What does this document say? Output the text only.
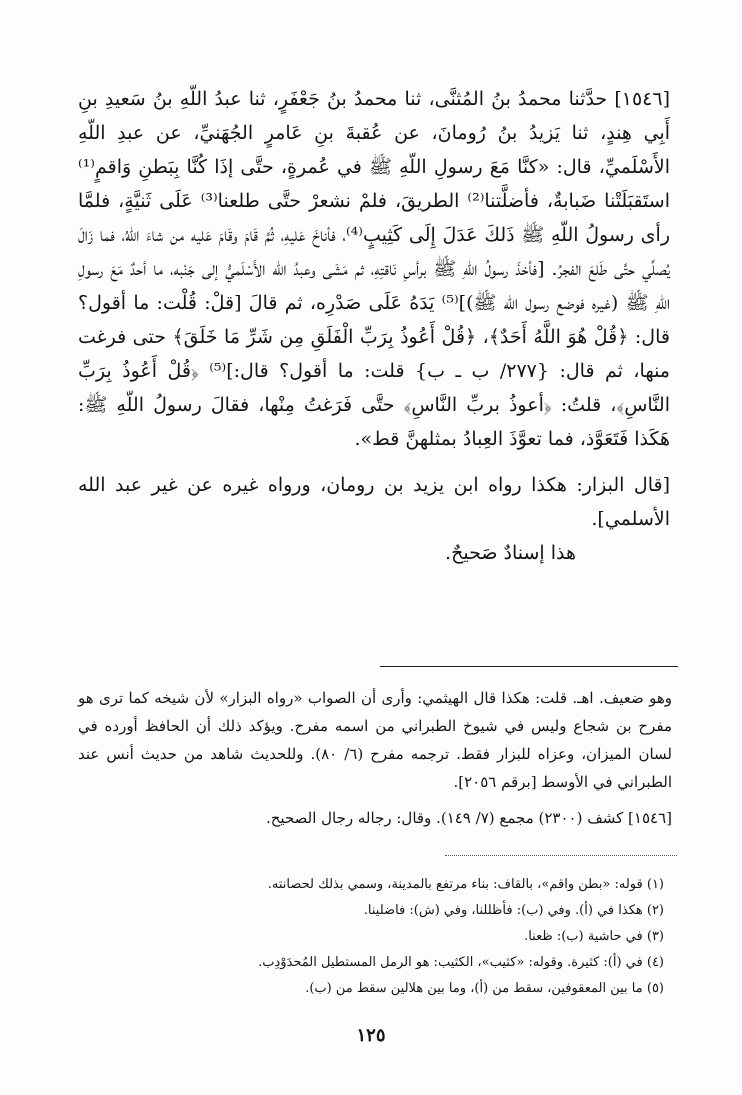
[١٥٤٦] حدَّثنا محمدُ بنُ المُثنَّى، ثنا محمدُ بنُ جَعْفَرٍ، ثنا عبدُ اللّهِ بنُ سَعيدِ بنِ أَبِي هِندٍ، ثنا يَزيدُ بنُ رُومانَ، عن عُقبةَ بنِ عَامرٍ الجُهَنيِّ، عن عبدِ اللّهِ الأَسْلَميِّ، قال: «كنَّا مَعَ رسولِ اللّهِ ﷺ في عُمرةٍ، حتَّى إذَا كُنَّا بِبَطنِ وَاقمٍ⁽¹⁾ استَقبَلَتْنا ضَبابةٌ، فأضلَّتنا⁽²⁾ الطريقَ، فلمْ نشعرْ حتَّى طلعنا⁽³⁾ عَلَى ثَنيَّةٍ، فلمَّا رأى رسولُ اللّهِ ﷺ ذَلكَ عَدَلَ إِلَى كَثِيبٍ⁽⁴⁾، فأناخَ عَليهِ، ثُمَّ قَامَ وقَامَ عَليه من شاءَ اللّهُ، فما زَالَ يُصلِّي حتَّى طَلعَ الفجرُ. [فأخذَ رسولُ اللّهِ ﷺ برأسِ نَاقتِهِ، ثم مَشَى وعبدُ الله الأَسْلَميُّ إلى جَنْبه، ما أحدٌ مَعَ رسولِ اللّهِ ﷺ (غيره فوضع رسول الله ﷺ)]⁽⁵⁾ يَدَهُ عَلَى صَدْرِه، ثم قالَ [قلْ: قُلْت: ما أقول؟ قال: ﴿قُلْ هُوَ اللَّهُ أَحَدٌ﴾، ﴿قُلْ أَعُوذُ بِرَبِّ الْفَلَقِ مِن شَرِّ مَا خَلَقَ﴾ حتى فرغت منها، ثم قال: {٢٧٧/ ب ـ ب} قلت: ما أقول؟ قال:]⁽⁵⁾ ﴿قُلْ أَعُوذُ بِرَبِّ النَّاسِ﴾، قلتُ: ﴿أعوذُ بربِّ النَّاسِ﴾ حتَّى فَرَغتُ مِنْها، فقالَ رسولُ اللّهِ ﷺ: هَكَذا فَتَعَوَّذ، فما تعوَّذَ العِبادُ بمثلهنَّ قط».

[قال البزار: هكذا رواه ابن يزيد بن رومان، ورواه غيره عن غير عبد الله الأسلمي].

هذا إسنادٌ صَحيحٌ.

وهو ضعيف. اهـ. قلت: هكذا قال الهيثمي: وأرى أن الصواب «رواه البزار» لأن شيخه كما ترى هو مفرح بن شجاع وليس في شيوخ الطبراني من اسمه مفرح. ويؤكد ذلك أن الحافظ أورده في لسان الميزان، وعزاه للبزار فقط. ترجمه مفرح (٦/ ٨٠). وللحديث شاهد من حديث أنس عند الطبراني في الأوسط [برقم ٢٠٥٦].

[١٥٤٦] كشف (٢٣٠٠) مجمع (٧/ ١٤٩). وقال: رجاله رجال الصحيح.

(١) قوله: «بطن واقم»، بالقاف: بناء مرتفع بالمدينة، وسمي بذلك لحصانته.

(٢) هكذا في (أ). وفي (ب): فأظللنا، وفي (ش): فاضلينا.

(٣) في حاشية (ب): ظعنا.

(٤) في (أ): كثيرة. وقوله: «كثيب»، الكثيب: هو الرمل المستطيل المُحدَوْدِب.

(٥) ما بين المعقوفين، سقط من (أ)، وما بين هلالين سقط من (ب).

١٢٥
